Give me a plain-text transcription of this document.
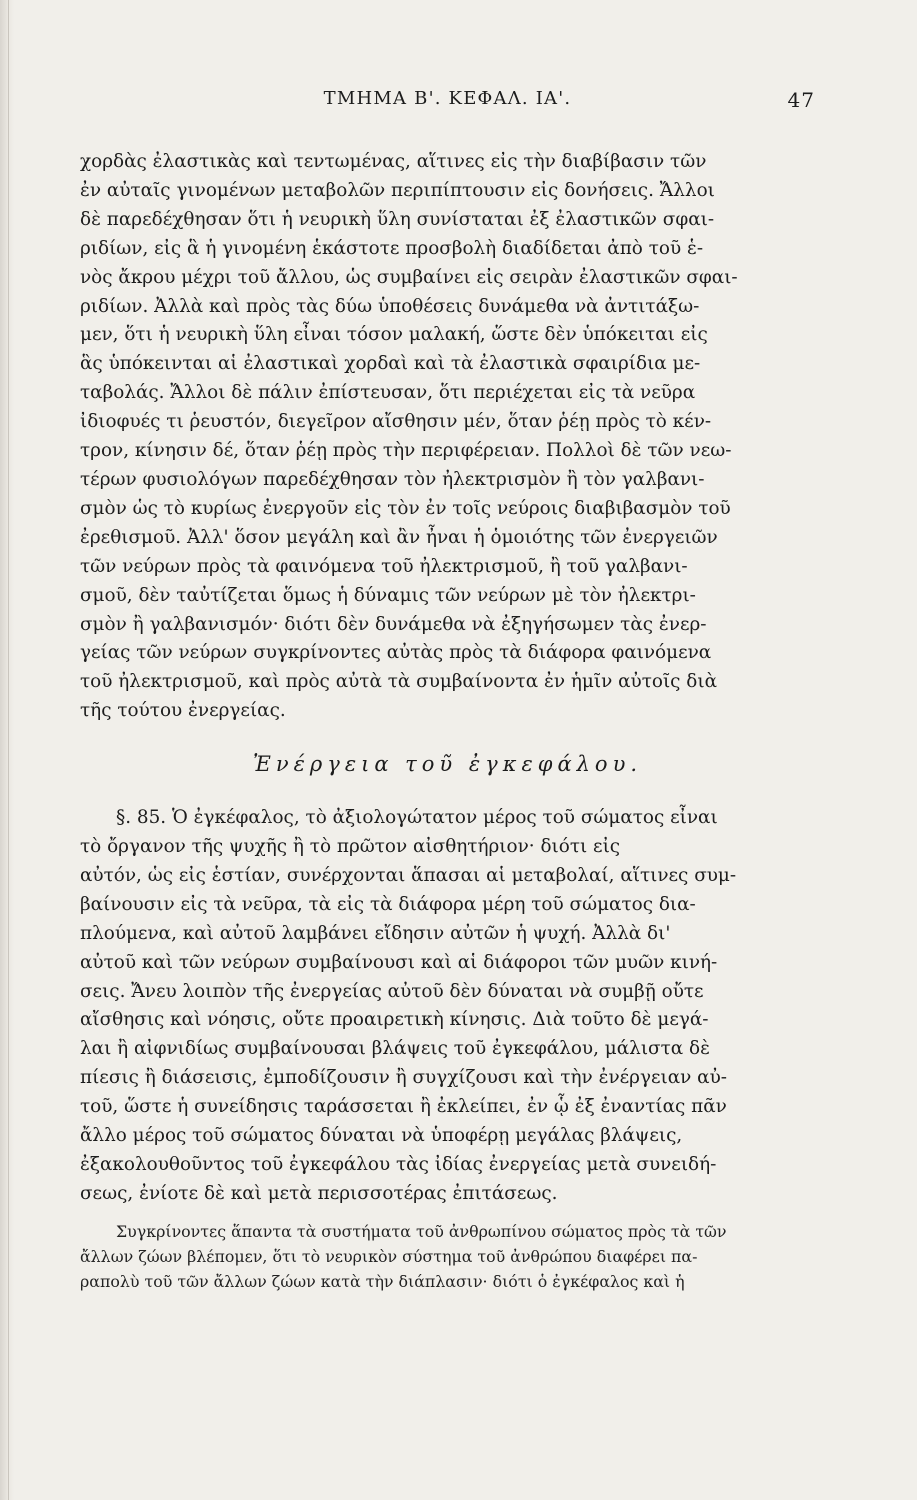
ΤΜΗΜΑ Β'. ΚΕΦΑΛ. ΙΑ'.	47

χορδὰς ἐλαστικὰς καὶ τεντωμένας, αἵτινες εἰς τὴν διαβίβασιν τῶν
ἐν αὐταῖς γινομένων μεταβολῶν περιπίπτουσιν εἰς δονήσεις. Ἄλλοι
δὲ παρεδέχθησαν ὅτι ἡ νευρικὴ ὕλη συνίσταται ἐξ ἐλαστικῶν σφαι-
ριδίων, εἰς ἃ ἡ γινομένη ἑκάστοτε προσβολὴ διαδίδεται ἀπὸ τοῦ ἑ-
νὸς ἄκρου μέχρι τοῦ ἄλλου, ὡς συμβαίνει εἰς σειρὰν ἐλαστικῶν σφαι-
ριδίων. Ἀλλὰ καὶ πρὸς τὰς δύω ὑποθέσεις δυνάμεθα νὰ ἀντιτάξω-
μεν, ὅτι ἡ νευρικὴ ὕλη εἶναι τόσον μαλακή, ὥστε δὲν ὑπόκειται εἰς
ἃς ὑπόκεινται αἱ ἐλαστικαὶ χορδαὶ καὶ τὰ ἐλαστικὰ σφαιρίδια με-
ταβολάς. Ἄλλοι δὲ πάλιν ἐπίστευσαν, ὅτι περιέχεται εἰς τὰ νεῦρα
ἰδιοφυές τι ῥευστόν, διεγεῖρον αἴσθησιν μέν, ὅταν ῥέῃ πρὸς τὸ κέν-
τρον, κίνησιν δέ, ὅταν ῥέῃ πρὸς τὴν περιφέρειαν. Πολλοὶ δὲ τῶν νεω-
τέρων φυσιολόγων παρεδέχθησαν τὸν ἠλεκτρισμὸν ἢ τὸν γαλβανι-
σμὸν ὡς τὸ κυρίως ἐνεργοῦν εἰς τὸν ἐν τοῖς νεύροις διαβιβασμὸν τοῦ
ἐρεθισμοῦ. Ἀλλ' ὅσον μεγάλη καὶ ἂν ἦναι ἡ ὁμοιότης τῶν ἐνεργειῶν
τῶν νεύρων πρὸς τὰ φαινόμενα τοῦ ἠλεκτρισμοῦ, ἢ τοῦ γαλβανι-
σμοῦ, δὲν ταὐτίζεται ὅμως ἡ δύναμις τῶν νεύρων μὲ τὸν ἠλεκτρι-
σμὸν ἢ γαλβανισμόν· διότι δὲν δυνάμεθα νὰ ἐξηγήσωμεν τὰς ἐνερ-
γείας τῶν νεύρων συγκρίνοντες αὐτὰς πρὸς τὰ διάφορα φαινόμενα
τοῦ ἠλεκτρισμοῦ, καὶ πρὸς αὐτὰ τὰ συμβαίνοντα ἐν ἡμῖν αὐτοῖς διὰ
τῆς τούτου ἐνεργείας.

Ἐνέργεια τοῦ ἐγκεφάλου.

§. 85. Ὁ ἐγκέφαλος, τὸ ἀξιολογώτατον μέρος τοῦ σώματος εἶναι
τὸ ὄργανον τῆς ψυχῆς ἢ τὸ πρῶτον αἰσθητήριον· διότι εἰς
αὐτόν, ὡς εἰς ἑστίαν, συνέρχονται ἅπασαι αἱ μεταβολαί, αἵτινες συμ-
βαίνουσιν εἰς τὰ νεῦρα, τὰ εἰς τὰ διάφορα μέρη τοῦ σώματος δια-
πλούμενα, καὶ αὐτοῦ λαμβάνει εἴδησιν αὐτῶν ἡ ψυχή. Ἀλλὰ δι'
αὐτοῦ καὶ τῶν νεύρων συμβαίνουσι καὶ αἱ διάφοροι τῶν μυῶν κινή-
σεις. Ἄνευ λοιπὸν τῆς ἐνεργείας αὐτοῦ δὲν δύναται νὰ συμβῇ οὔτε
αἴσθησις καὶ νόησις, οὔτε προαιρετικὴ κίνησις. Διὰ τοῦτο δὲ μεγά-
λαι ἢ αἰφνιδίως συμβαίνουσαι βλάψεις τοῦ ἐγκεφάλου, μάλιστα δὲ
πίεσις ἢ διάσεισις, ἐμποδίζουσιν ἢ συγχίζουσι καὶ τὴν ἐνέργειαν αὐ-
τοῦ, ὥστε ἡ συνείδησις ταράσσεται ἢ ἐκλείπει, ἐν ᾧ ἐξ ἐναντίας πᾶν
ἄλλο μέρος τοῦ σώματος δύναται νὰ ὑποφέρῃ μεγάλας βλάψεις,
ἐξακολουθοῦντος τοῦ ἐγκεφάλου τὰς ἰδίας ἐνεργείας μετὰ συνειδή-
σεως, ἐνίοτε δὲ καὶ μετὰ περισσοτέρας ἐπιτάσεως.

Συγκρίνοντες ἅπαντα τὰ συστήματα τοῦ ἀνθρωπίνου σώματος πρὸς τὰ τῶν
ἄλλων ζώων βλέπομεν, ὅτι τὸ νευρικὸν σύστημα τοῦ ἀνθρώπου διαφέρει πα-
ραπολὺ τοῦ τῶν ἄλλων ζώων κατὰ τὴν διάπλασιν· διότι ὁ ἐγκέφαλος καὶ ἡ
